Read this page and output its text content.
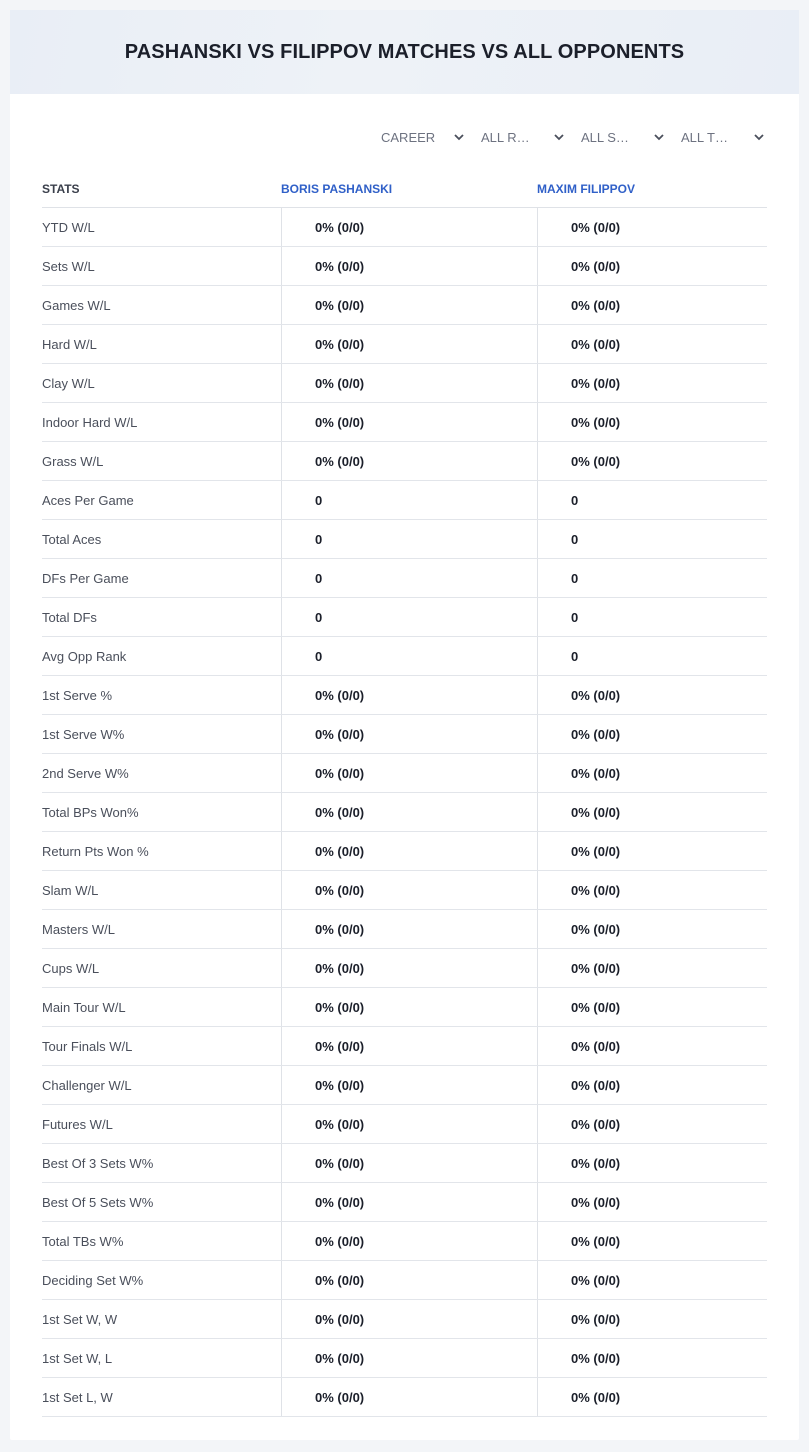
PASHANSKI VS FILIPPOV MATCHES VS ALL OPPONENTS
CAREER	ALL R…	ALL S…	ALL T…
STATS	BORIS PASHANSKI	MAXIM FILIPPOV
YTD W/L	0% (0/0)	0% (0/0)
Sets W/L	0% (0/0)	0% (0/0)
Games W/L	0% (0/0)	0% (0/0)
Hard W/L	0% (0/0)	0% (0/0)
Clay W/L	0% (0/0)	0% (0/0)
Indoor Hard W/L	0% (0/0)	0% (0/0)
Grass W/L	0% (0/0)	0% (0/0)
Aces Per Game	0	0
Total Aces	0	0
DFs Per Game	0	0
Total DFs	0	0
Avg Opp Rank	0	0
1st Serve %	0% (0/0)	0% (0/0)
1st Serve W%	0% (0/0)	0% (0/0)
2nd Serve W%	0% (0/0)	0% (0/0)
Total BPs Won%	0% (0/0)	0% (0/0)
Return Pts Won %	0% (0/0)	0% (0/0)
Slam W/L	0% (0/0)	0% (0/0)
Masters W/L	0% (0/0)	0% (0/0)
Cups W/L	0% (0/0)	0% (0/0)
Main Tour W/L	0% (0/0)	0% (0/0)
Tour Finals W/L	0% (0/0)	0% (0/0)
Challenger W/L	0% (0/0)	0% (0/0)
Futures W/L	0% (0/0)	0% (0/0)
Best Of 3 Sets W%	0% (0/0)	0% (0/0)
Best Of 5 Sets W%	0% (0/0)	0% (0/0)
Total TBs W%	0% (0/0)	0% (0/0)
Deciding Set W%	0% (0/0)	0% (0/0)
1st Set W, W	0% (0/0)	0% (0/0)
1st Set W, L	0% (0/0)	0% (0/0)
1st Set L, W	0% (0/0)	0% (0/0)
